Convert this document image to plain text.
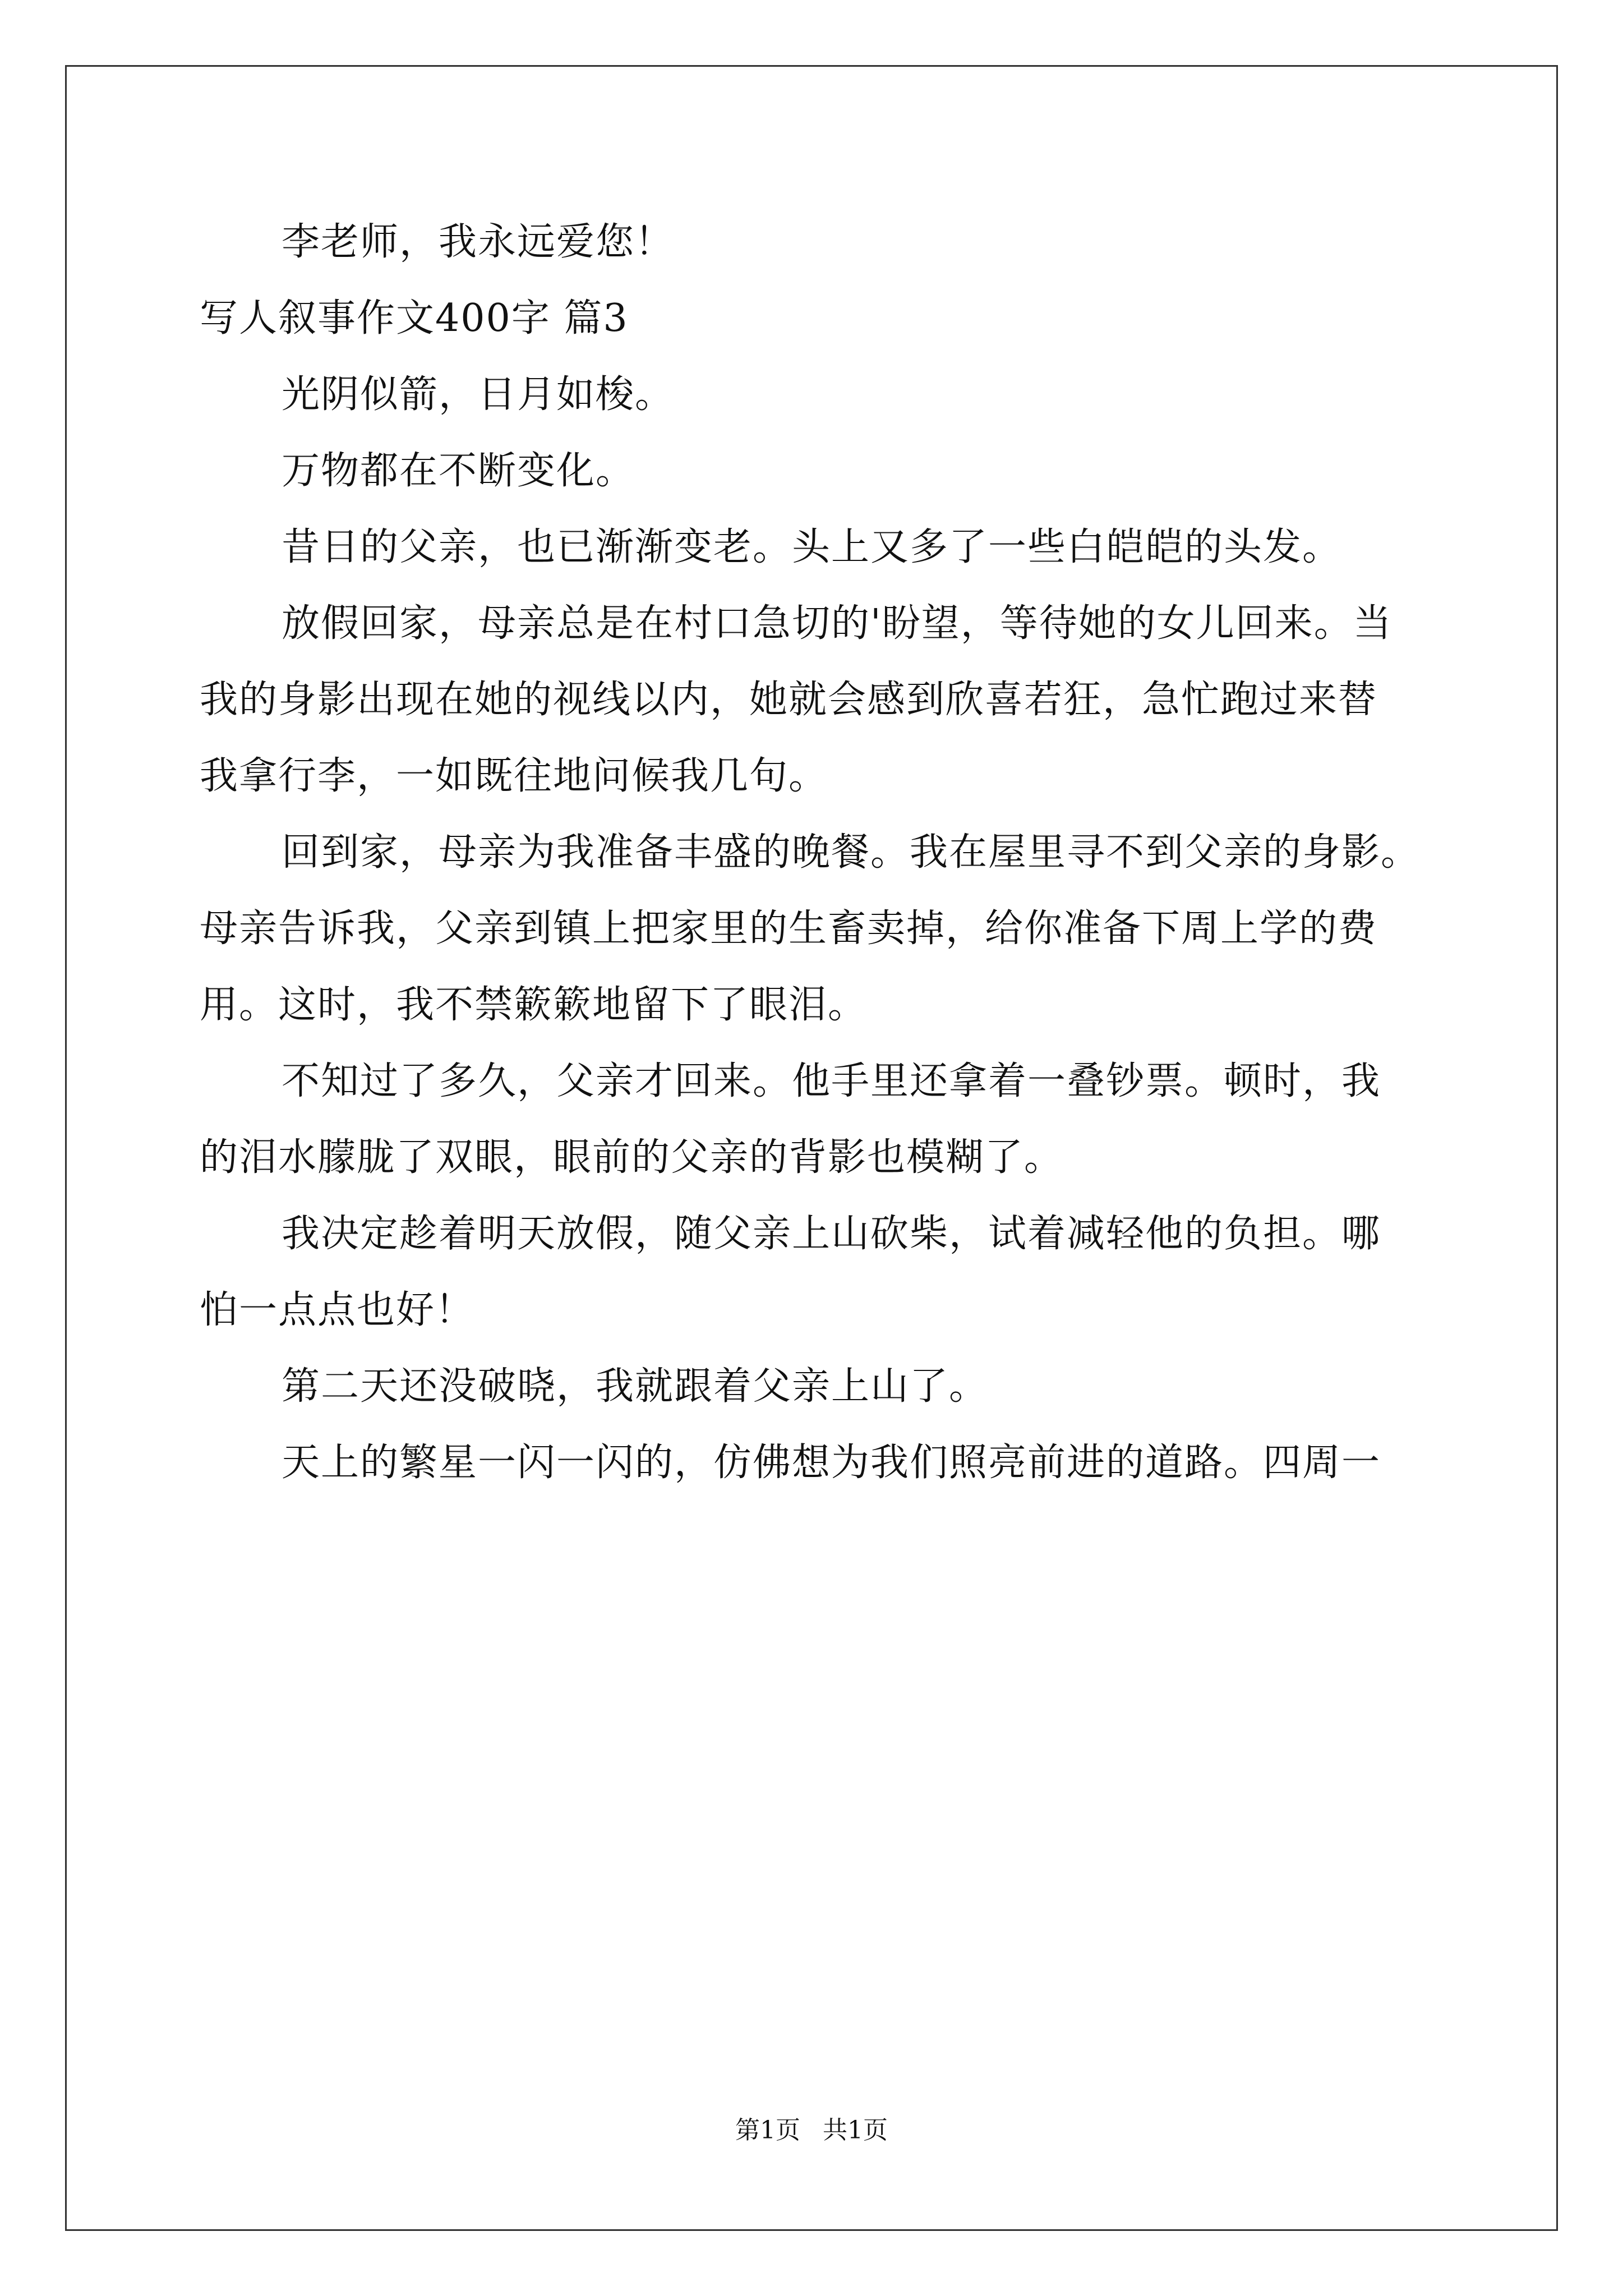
李老师，我永远爱您！
写人叙事作文400字 篇3
光阴似箭，日月如梭。
万物都在不断变化。
昔日的父亲，也已渐渐变老。头上又多了一些白皑皑的头发。
放假回家，母亲总是在村口急切的'盼望，等待她的女儿回来。当
我的身影出现在她的视线以内，她就会感到欣喜若狂，急忙跑过来替
我拿行李，一如既往地问候我几句。
回到家，母亲为我准备丰盛的晚餐。我在屋里寻不到父亲的身影。
母亲告诉我，父亲到镇上把家里的生畜卖掉，给你准备下周上学的费
用。这时，我不禁簌簌地留下了眼泪。
不知过了多久，父亲才回来。他手里还拿着一叠钞票。顿时，我
的泪水朦胧了双眼，眼前的父亲的背影也模糊了。
我决定趁着明天放假，随父亲上山砍柴，试着减轻他的负担。哪
怕一点点也好！
第二天还没破晓，我就跟着父亲上山了。
天上的繁星一闪一闪的，仿佛想为我们照亮前进的道路。四周一
第1页 共1页
